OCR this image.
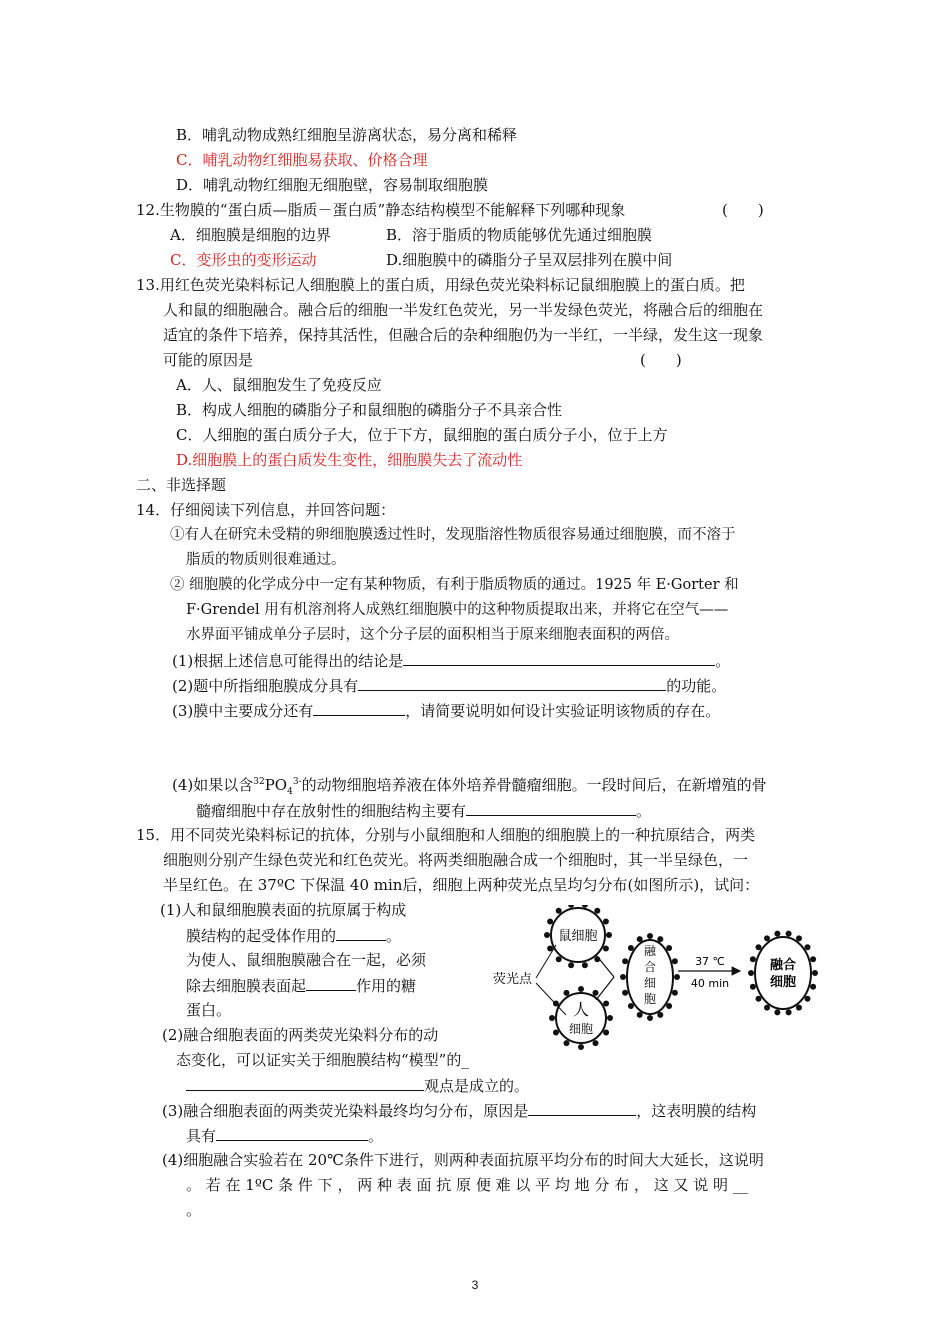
B．哺乳动物成熟红细胞呈游离状态，易分离和稀释
C．哺乳动物红细胞易获取、价格合理
D．哺乳动物红细胞无细胞壁，容易制取细胞膜
12.生物膜的“蛋白质—脂质－蛋白质”静态结构模型不能解释下列哪种现象	(　　)
A．细胞膜是细胞的边界	B．溶于脂质的物质能够优先通过细胞膜
C．变形虫的变形运动	D.细胞膜中的磷脂分子呈双层排列在膜中间
13.用红色荧光染料标记人细胞膜上的蛋白质，用绿色荧光染料标记鼠细胞膜上的蛋白质。把
人和鼠的细胞融合。融合后的细胞一半发红色荧光，另一半发绿色荧光，将融合后的细胞在
适宜的条件下培养，保持其活性，但融合后的杂种细胞仍为一半红，一半绿，发生这一现象
可能的原因是	(　　)
A．人、鼠细胞发生了免疫反应
B．构成人细胞的磷脂分子和鼠细胞的磷脂分子不具亲合性
C．人细胞的蛋白质分子大，位于下方，鼠细胞的蛋白质分子小，位于上方
D.细胞膜上的蛋白质发生变性，细胞膜失去了流动性
二、非选择题
14．仔细阅读下列信息，并回答问题：
①有人在研究未受精的卵细胞膜透过性时，发现脂溶性物质很容易通过细胞膜，而不溶于
脂质的物质则很难通过。
② 细胞膜的化学成分中一定有某种物质，有利于脂质物质的通过。1925 年 E·Gorter 和
F·Grendel 用有机溶剂将人成熟红细胞膜中的这种物质提取出来，并将它在空气——
水界面平铺成单分子层时，这个分子层的面积相当于原来细胞表面积的两倍。
(1)根据上述信息可能得出的结论是	。
(2)题中所指细胞膜成分具有	的功能。
(3)膜中主要成分还有	，请简要说明如何设计实验证明该物质的存在。
(4)如果以含$^{32}PO_4^{3-}$的动物细胞培养液在体外培养骨髓瘤细胞。一段时间后，在新增殖的骨
髓瘤细胞中存在放射性的细胞结构主要有	。
15．用不同荧光染料标记的抗体，分别与小鼠细胞和人细胞的细胞膜上的一种抗原结合，两类
细胞则分别产生绿色荧光和红色荧光。将两类细胞融合成一个细胞时，其一半呈绿色，一
半呈红色。在 37ºC 下保温 40 min后，细胞上两种荧光点呈均匀分布(如图所示)，试问：
(1)人和鼠细胞膜表面的抗原属于构成
膜结构的起受体作用的	。
为使人、鼠细胞膜融合在一起，必须
除去细胞膜表面起	作用的糖
蛋白。
(2)融合细胞表面的两类荧光染料分布的动
态变化，可以证实关于细胞膜结构“模型”的_
观点是成立的。
(3)融合细胞表面的两类荧光染料最终均匀分布，原因是	，这表明膜的结构
具有	。
(4)细胞融合实验若在 20℃条件下进行，则两种表面抗原平均分布的时间大大延长，这说明
。 若 在 1ºC 条 件 下 ， 两 种 表 面 抗 原 便 难 以 平 均 地 分 布 ， 这 又 说 明 __
。
鼠细胞
人
细胞
荧光点
融
合
细
胞
37 ℃
40 min
融合
细胞
3
